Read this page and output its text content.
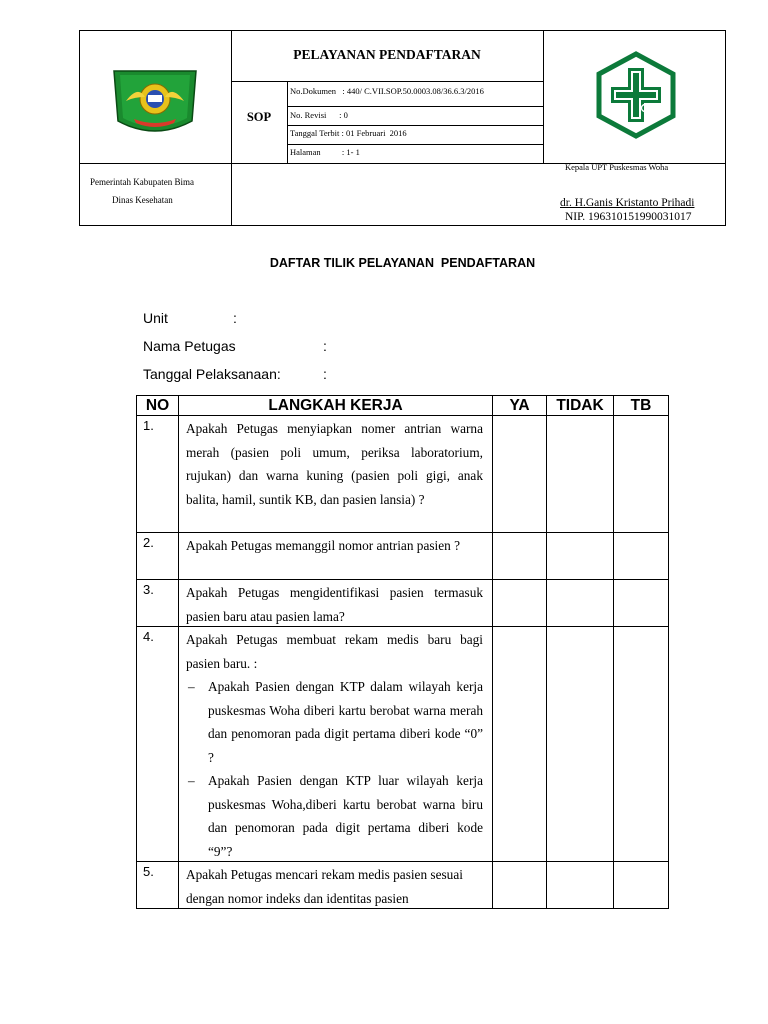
PELAYANAN PENDAFTARAN
SOP
No.Dokumen   : 440/ C.VII.SOP.50.0003.08/36.6.3/2016
No. Revisi      : 0
Tanggal Terbit : 01 Februari  2016
Halaman          : 1- 1
Pemerintah Kabupaten Bima
Dinas Kesehatan
Kepala UPT Puskesmas Woha
dr. H.Ganis Kristanto Prihadi
NIP. 196310151990031017
DAFTAR TILIK PELAYANAN  PENDAFTARAN
Unit	:
Nama Petugas	:
Tanggal Pelaksanaan:	:
NO	LANGKAH KERJA	YA	TIDAK	TB
1.	Apakah Petugas menyiapkan nomer antrian warna merah (pasien poli umum, periksa laboratorium, rujukan) dan warna kuning (pasien poli gigi, anak balita, hamil, suntik KB, dan pasien lansia) ?
2.	Apakah Petugas memanggil nomor antrian pasien ?
3.	Apakah Petugas mengidentifikasi pasien termasuk pasien baru atau pasien lama?
4.	Apakah Petugas membuat rekam medis baru bagi pasien baru. :
–	Apakah Pasien dengan KTP dalam wilayah kerja puskesmas Woha diberi kartu berobat warna merah dan penomoran pada digit pertama diberi kode “0” ?
–	Apakah Pasien dengan KTP luar wilayah kerja puskesmas Woha,diberi kartu berobat warna biru dan penomoran pada digit pertama diberi kode “9”?
5.	Apakah Petugas mencari rekam medis pasien sesuai dengan nomor indeks dan identitas pasien
